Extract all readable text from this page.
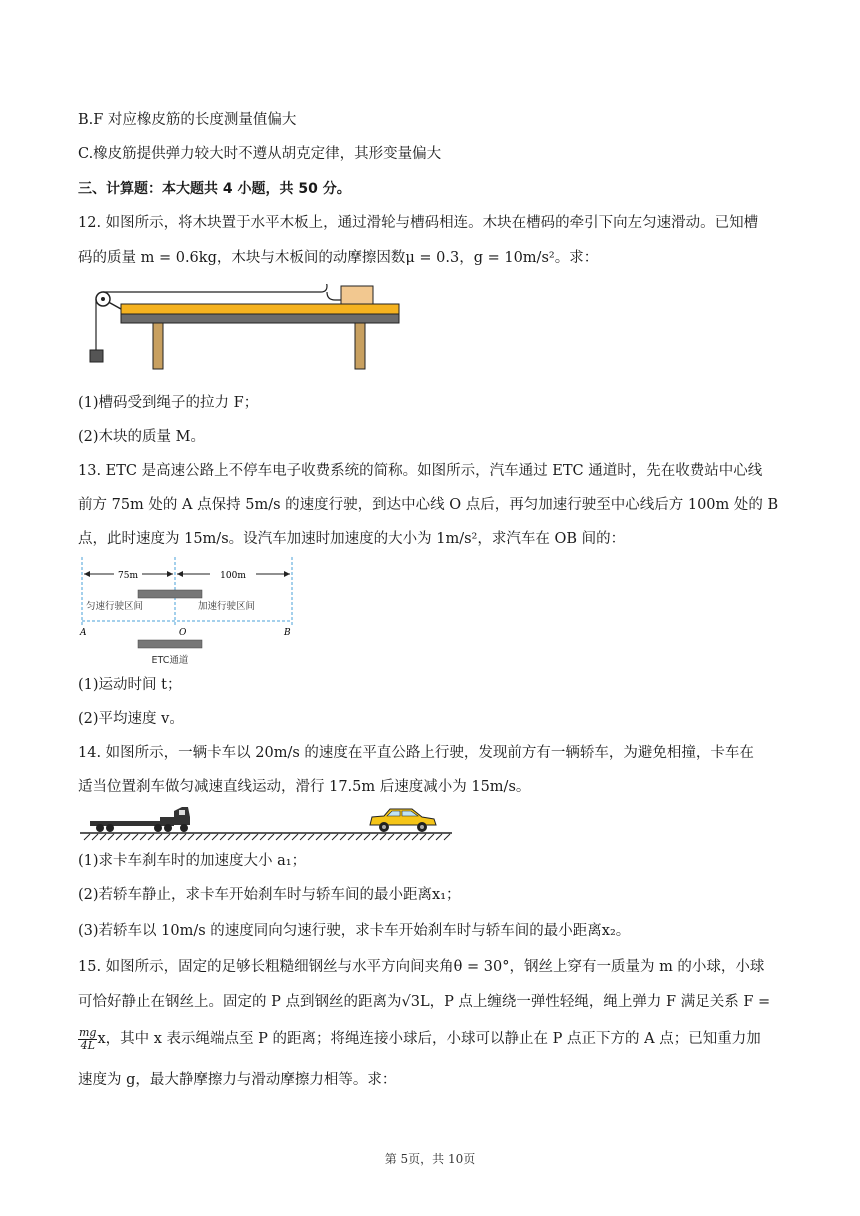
B.F 对应橡皮筋的长度测量值偏大
C.橡皮筋提供弹力较大时不遵从胡克定律，其形变量偏大
三、计算题：本大题共 4 小题，共 50 分。
12. 如图所示，将木块置于水平木板上，通过滑轮与槽码相连。木块在槽码的牵引下向左匀速滑动。已知槽
码的质量 m = 0.6kg，木块与木板间的动摩擦因数μ = 0.3，g = 10m/s²。求：
(1)槽码受到绳子的拉力 F；
(2)木块的质量 M。
13. ETC 是高速公路上不停车电子收费系统的简称。如图所示，汽车通过 ETC 通道时，先在收费站中心线
前方 75m 处的 A 点保持 5m/s 的速度行驶，到达中心线 O 点后，再匀加速行驶至中心线后方 100m 处的 B
点，此时速度为 15m/s。设汽车加速时加速度的大小为 1m/s²，求汽车在 OB 间的：
75m	100m
匀速行驶区间	加速行驶区间
A	O	B
ETC通道
(1)运动时间 t；
(2)平均速度 v。
14. 如图所示，一辆卡车以 20m/s 的速度在平直公路上行驶，发现前方有一辆轿车，为避免相撞，卡车在
适当位置刹车做匀减速直线运动，滑行 17.5m 后速度减小为 15m/s。
(1)求卡车刹车时的加速度大小 a₁；
(2)若轿车静止，求卡车开始刹车时与轿车间的最小距离x₁；
(3)若轿车以 10m/s 的速度同向匀速行驶，求卡车开始刹车时与轿车间的最小距离x₂。
15. 如图所示，固定的足够长粗糙细钢丝与水平方向间夹角θ = 30°，钢丝上穿有一质量为 m 的小球，小球
可恰好静止在钢丝上。固定的 P 点到钢丝的距离为√3L，P 点上缠绕一弹性轻绳，绳上弹力 F 满足关系 F =
$\frac{mg}{4L}$ x，其中 x 表示绳端点至 P 的距离；将绳连接小球后，小球可以静止在 P 点正下方的 A 点；已知重力加
速度为 g，最大静摩擦力与滑动摩擦力相等。求：
第 5页，共 10页
